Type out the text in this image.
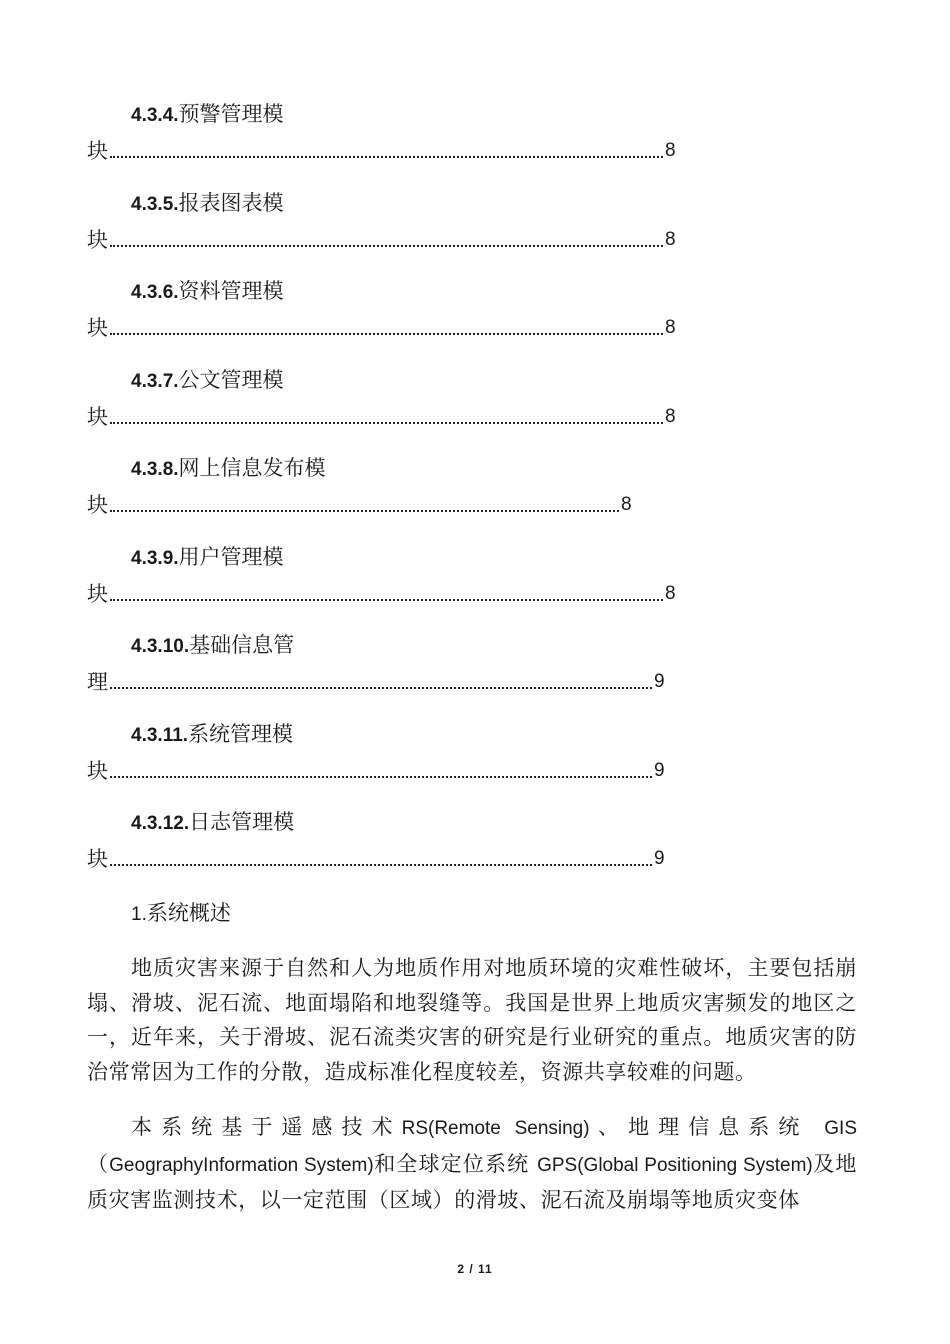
4.3.4.预警管理模
块	8
4.3.5.报表图表模
块	8
4.3.6.资料管理模
块	8
4.3.7.公文管理模
块	8
4.3.8.网上信息发布模
块	8
4.3.9.用户管理模
块	8
4.3.10.基础信息管
理	9
4.3.11.系统管理模
块	9
4.3.12.日志管理模
块	9
1.系统概述

地质灾害来源于自然和人为地质作用对地质环境的灾难性破坏，主要包括崩塌、滑坡、泥石流、地面塌陷和地裂缝等。我国是世界上地质灾害频发的地区之一，近年来，关于滑坡、泥石流类灾害的研究是行业研究的重点。地质灾害的防治常常因为工作的分散，造成标准化程度较差，资源共享较难的问题。

本系统基于遥感技术RS(Remote Sensing)、地理信息系统 GIS（GeographyInformation System)和全球定位系统 GPS(Global Positioning System)及地质灾害监测技术，以一定范围（区域）的滑坡、泥石流及崩塌等地质灾变体

2 / 11
